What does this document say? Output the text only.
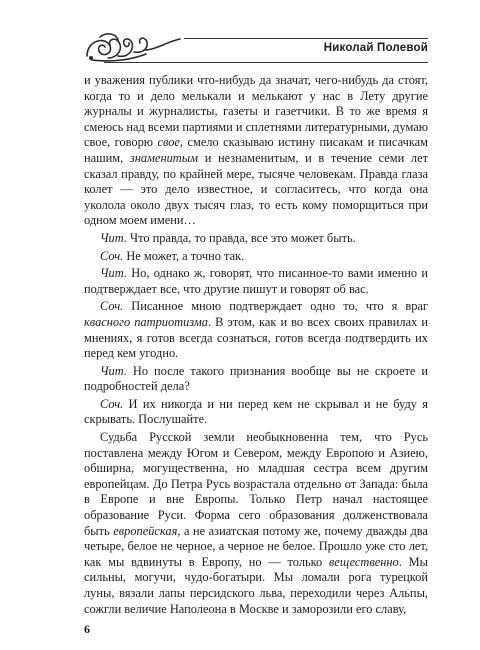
Николай Полевой

и уважения публики что-нибудь да значат, чего-нибудь да стоят, когда то и дело мелькали и мелькают у нас в Лету другие журналы и журналисты, газеты и газетчики. В то же время я смеюсь над всеми партиями и сплетнями литературными, думаю свое, говорю свое, смело сказываю истину писакам и писачкам нашим, знаменитым и незнаменитым, и в течение семи лет сказал правду, по крайней мере, тысяче человекам. Правда глаза колет — это дело известное, и согласитесь, что когда она уколола около двух тысяч глаз, то есть кому поморщиться при одном моем имени…

Чит. Что правда, то правда, все это может быть.

Соч. Не может, а точно так.

Чит. Но, однако ж, говорят, что писанное-то вами именно и подтверждает все, что другие пишут и говорят об вас.

Соч. Писанное мною подтверждает одно то, что я враг квасного патриотизма. В этом, как и во всех своих правилах и мнениях, я готов всегда сознаться, готов всегда подтвердить их перед кем угодно.

Чит. Но после такого признания вообще вы не скроете и подробностей дела?

Соч. И их никогда и ни перед кем не скрывал и не буду я скрывать. Послушайте.

Судьба Русской земли необыкновенна тем, что Русь поставлена между Югом и Севером, между Европою и Азиею, обширна, могущественна, но младшая сестра всем другим европейцам. До Петра Русь возрастала отдельно от Запада: была в Европе и вне Европы. Только Петр начал настоящее образование Руси. Форма сего образования долженствовала быть европейская, а не азиатская потому же, почему дважды два четыре, белое не черное, а черное не белое. Прошло уже сто лет, как мы вдвинуты в Европу, но — только вещественно. Мы сильны, могучи, чудо-богатыри. Мы ломали рога турецкой луны, вязали лапы персидского льва, переходили через Альпы, сожгли величие Наполеона в Москве и заморозили его славу,

6
